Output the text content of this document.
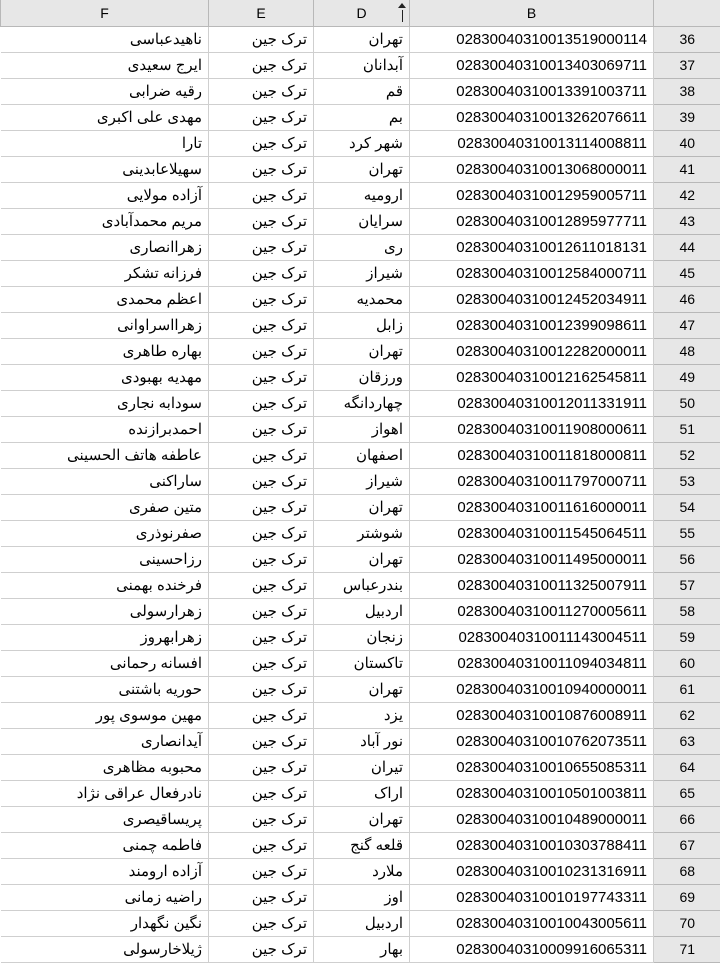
F	E	D	B	
ناهیدعباسی	ترک جین	تهران	02830040310013519000114	36
ایرج سعیدی	ترک جین	آبدانان	02830040310013403069711	37
رقیه ضرابی	ترک جین	قم	02830040310013391003711	38
مهدی علی اکبری	ترک جین	بم	02830040310013262076611	39
تارا	ترک جین	شهر کرد	02830040310013114008811	40
سهیلاعابدینی	ترک جین	تهران	02830040310013068000011	41
آزاده مولایی	ترک جین	ارومیه	02830040310012959005711	42
مریم محمدآبادی	ترک جین	سرایان	02830040310012895977711	43
زهراانصاری	ترک جین	ری	02830040310012611018131	44
فرزانه تشکر	ترک جین	شیراز	02830040310012584000711	45
اعظم محمدی	ترک جین	محمدیه	02830040310012452034911	46
زهرااسراوانی	ترک جین	زابل	02830040310012399098611	47
بهاره طاهری	ترک جین	تهران	02830040310012282000011	48
مهدیه بهبودی	ترک جین	ورزقان	02830040310012162545811	49
سودابه نجاری	ترک جین	چهاردانگه	02830040310012011331911	50
احمدبرازنده	ترک جین	اهواز	02830040310011908000611	51
عاطفه هاتف الحسینی	ترک جین	اصفهان	02830040310011818000811	52
ساراکنی	ترک جین	شیراز	02830040310011797000711	53
متین صفری	ترک جین	تهران	02830040310011616000011	54
صفرنوذری	ترک جین	شوشتر	02830040310011545064511	55
رزاحسینی	ترک جین	تهران	02830040310011495000011	56
فرخنده بهمنی	ترک جین	بندرعباس	02830040310011325007911	57
زهرارسولی	ترک جین	اردبیل	02830040310011270005611	58
زهرابهروز	ترک جین	زنجان	02830040310011143004511	59
افسانه رحمانی	ترک جین	تاکستان	02830040310011094034811	60
حوریه باشتنی	ترک جین	تهران	02830040310010940000011	61
مهین موسوی پور	ترک جین	یزد	02830040310010876008911	62
آیدانصاری	ترک جین	نور آباد	02830040310010762073511	63
محبوبه مظاهری	ترک جین	تیران	02830040310010655085311	64
نادرفعال عراقی نژاد	ترک جین	اراک	02830040310010501003811	65
پریساقیصری	ترک جین	تهران	02830040310010489000011	66
فاطمه چمنی	ترک جین	قلعه گنج	02830040310010303788411	67
آزاده ارومند	ترک جین	ملارد	02830040310010231316911	68
راضیه زمانی	ترک جین	اوز	02830040310010197743311	69
نگین نگهدار	ترک جین	اردبیل	02830040310010043005611	70
ژیلاخارسولی	ترک جین	بهار	02830040310009916065311	71
